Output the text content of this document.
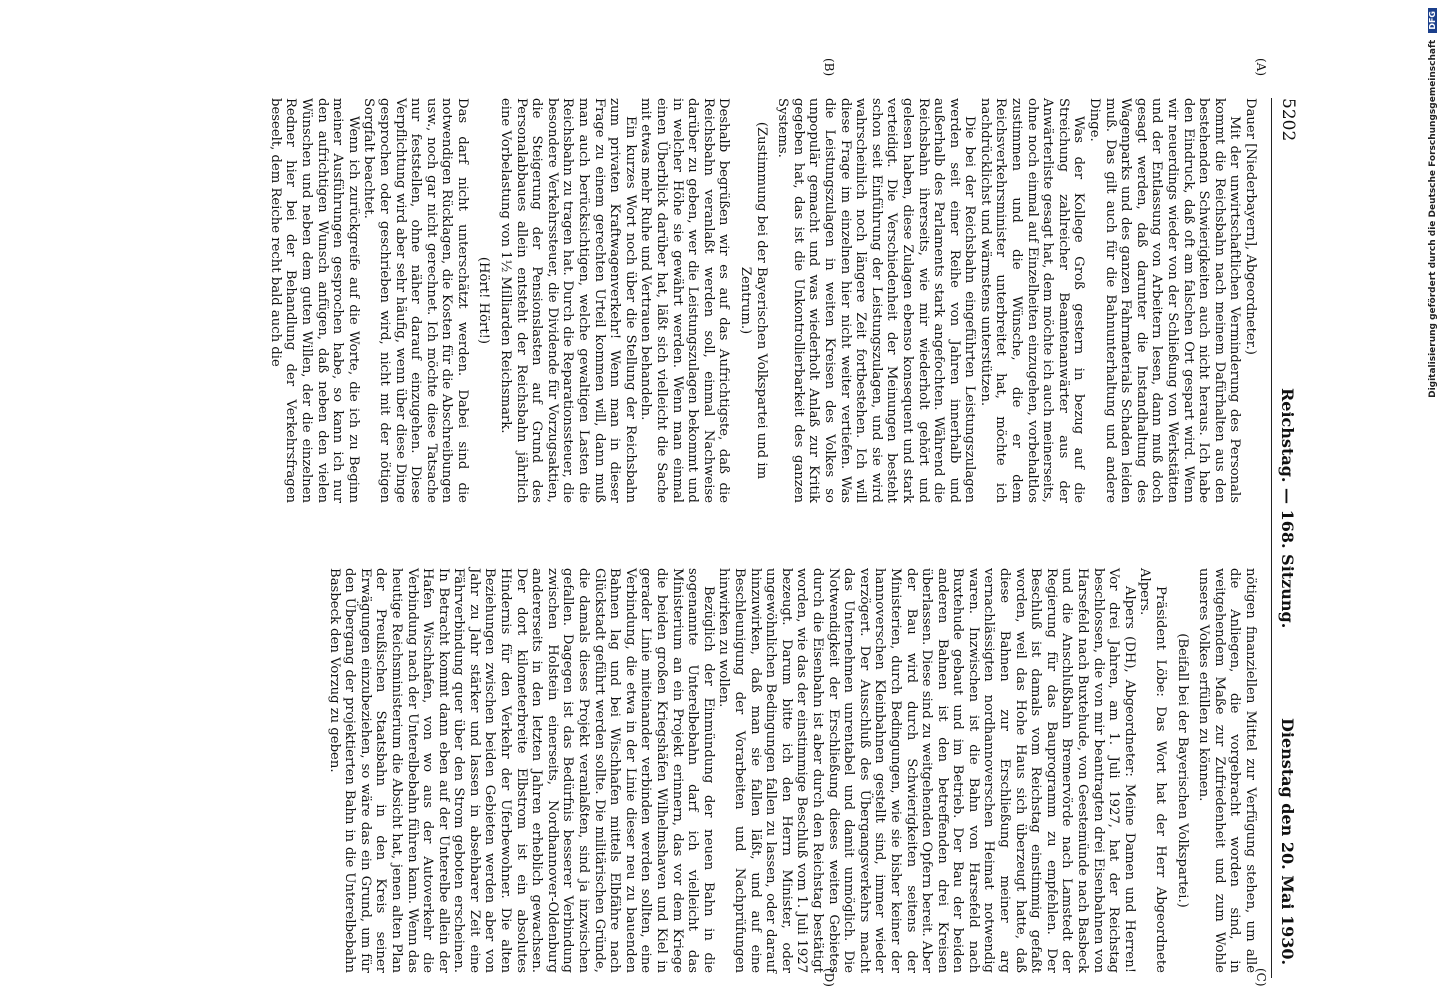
5202
Reichstag. — 168. Sitzung.
Dienstag den 20. Mai 1930.
(A)
(B)
(C)
(D)

Dauer [Niederbayern], Abgeordneter.)

Mit der unwirtschaftlichen Verminderung des Personals kommt die Reichsbahn nach meinem Dafürhalten aus den bestehenden Schwierigkeiten auch nicht heraus. Ich habe den Eindruck, daß oft am falschen Ort gespart wird. Wenn wir neuerdings wieder von der Schließung von Werkstätten und der Entlassung von Arbeitern lesen, dann muß doch gesagt werden, daß darunter die Instandhaltung des Wagenparks und des ganzen Fahrmaterials Schaden leiden muß. Das gilt auch für die Bahnunterhaltung und andere Dinge.

Was der Kollege Groß gestern in bezug auf die Streichung zahlreicher Beamtenanwärter aus der Anwärterliste gesagt hat, dem möchte ich auch meinerseits, ohne noch einmal auf Einzelheiten einzugehen, vorbehaltlos zustimmen und die Wünsche, die er dem Reichsverkehrsminister unterbreitet hat, möchte ich nachdrücklichst und wärmstens unterstützen.

Die bei der Reichsbahn eingeführten Leistungszulagen werden seit einer Reihe von Jahren innerhalb und außerhalb des Parlaments stark angefochten. Während die Reichsbahn ihrerseits, wie mir wiederholt gehört und gelesen haben, diese Zulagen ebenso konsequent und stark verteidigt. Die Verschiedenheit der Meinungen besteht schon seit Einführung der Leistungszulagen, und sie wird wahrscheinlich noch längere Zeit fortbestehen. Ich will diese Frage im einzelnen hier nicht weiter vertiefen. Was die Leistungszulagen in weiten Kreisen des Volkes so unpopulär gemacht und was wiederholt Anlaß zur Kritik gegeben hat, das ist die Unkontrollierbarkeit des ganzen Systems.

(Zustimmung bei der Bayerischen Volkspartei und im Zentrum.)

Deshalb begrüßen wir es auf das Aufrichtigste, daß die Reichsbahn veranlaßt werden soll, einmal Nachweise darüber zu geben, wer die Leistungszulagen bekommt und in welcher Höhe sie gewährt werden. Wenn man einmal einen Überblick darüber hat, läßt sich vielleicht die Sache mit etwas mehr Ruhe und Vertrauen behandeln.

Ein kurzes Wort noch über die Stellung der Reichsbahn zum privaten Kraftwagenverkehr! Wenn man in dieser Frage zu einem gerechten Urteil kommen will, dann muß man auch berücksichtigen, welche gewaltigen Lasten die Reichsbahn zu tragen hat. Durch die Reparationssteuer, die besondere Verkehrssteuer, die Dividende für Vorzugsaktien, die Steigerung der Pensionslasten auf Grund des Personalabbaues allein entsteht der Reichsbahn jährlich eine Vorbelastung von 1½ Milliarden Reichsmark.

(Hört! Hört!)

Das darf nicht unterschätzt werden. Dabei sind die notwendigen Rücklagen, die Kosten für die Abschreibungen usw., noch gar nicht gerechnet. Ich möchte diese Tatsache nur feststellen, ohne näher darauf einzugehen. Diese Verpflichtung wird aber sehr häufig, wenn über diese Dinge gesprochen oder geschrieben wird, nicht mit der nötigen Sorgfalt beachtet.

Wenn ich zurückgreife auf die Worte, die ich zu Beginn meiner Ausführungen gesprochen habe, so kann ich nur den aufrichtigen Wunsch anfügen, daß neben den vielen Wünschen und neben dem guten Willen, der die einzelnen Redner hier bei der Behandlung der Verkehrsfragen beseelt, dem Reiche recht bald auch die

nötigen finanziellen Mittel zur Verfügung stehen, um alle die Anliegen, die vorgebracht worden sind, in weitgehendem Maße zur Zufriedenheit und zum Wohle unseres Volkes erfüllen zu können.

(Beifall bei der Bayerischen Volkspartei.)

Präsident Löbe: Das Wort hat der Herr Abgeordnete Alpers.

Alpers (DH), Abgeordneter: Meine Damen und Herren! Vor drei Jahren, am 1. Juli 1927, hat der Reichstag beschlossen, die von mir beantragten drei Eisenbahnen von Harsefeld nach Buxtehude, von Geestemünde nach Basbeck und die Anschlußbahn Bremervörde nach Lamstedt der Regierung für das Bauprogramm zu empfehlen. Der Beschluß ist damals vom Reichstag einstimmig gefaßt worden, weil das Hohe Haus sich überzeugt hatte, daß diese Bahnen zur Erschließung meiner arg vernachlässigten nordhannoverschen Heimat notwendig waren. Inzwischen ist die Bahn von Harsefeld nach Buxtehude gebaut und im Betrieb. Der Bau der beiden anderen Bahnen ist den betreffenden drei Kreisen überlassen. Diese sind zu weitgehenden Opfern bereit. Aber der Bau wird durch Schwierigkeiten seitens der Ministerien, durch Bedingungen, wie sie bisher keiner der hannoverschen Kleinbahnen gestellt sind, immer wieder verzögert. Der Ausschluß des Übergangsverkehrs macht das Unternehmen unrentabel und damit unmöglich. Die Notwendigkeit der Erschließung dieses weiten Gebietes durch die Eisenbahn ist aber durch den Reichstag bestätigt worden, wie das der einstimmige Beschluß vom 1. Juli 1927 bezeugt. Darum bitte ich den Herrn Minister, oder ungewöhnlichen Bedingungen fallen zu lassen, oder darauf hinzuwirken, daß man sie fallen läßt, und auf eine Beschleunigung der Vorarbeiten und Nachprüfungen hinwirken zu wollen.

Bezüglich der Einmündung der neuen Bahn in die sogenannte Unterelbebahn darf ich vielleicht das Ministerium an ein Projekt erinnern, das vor dem Kriege die beiden großen Kriegshäfen Wilhelmshaven und Kiel in gerader Linie miteinander verbinden werden sollten, eine Verbindung, die etwa in der Linie dieser neu zu bauenden Bahnen lag und bei Wischhafen mittels Elbfähre nach Glückstadt geführt werden sollte. Die militärischen Gründe, die damals dieses Projekt veranlaßten, sind ja inzwischen gefallen. Dagegen ist das Bedürfnis besserer Verbindung zwischen Holstein einerseits, Nordhannover-Oldenburg andererseits in den letzten Jahren erheblich gewachsen. Der dort kilometerbreite Elbstrom ist ein absolutes Hindernis für den Verkehr der Uferbewohner. Die alten Beziehungen zwischen beiden Gebieten werden aber von Jahr zu Jahr stärker und lassen in absehbarer Zeit eine Fährverbindung quer über den Strom geboten erscheinen. In Betracht kommt dann eben auf der Unterelbe allein der Hafen Wischhafen, von wo aus der Autoverkehr die Verbindung nach der Unterelbebahn führen kann. Wenn das heutige Reichsministerium die Absicht hat, jenen alten Plan der Preußischen Staatsbahn in den Kreis seiner Erwägungen einzubeziehen, so wäre das ein Grund, um für den Übergang der projektierten Bahn in die Unterelbebahn Basbeck den Vorzug zu geben.

Digitalisierung gefördert durch die Deutsche Forschungsgemeinschaft DFG
